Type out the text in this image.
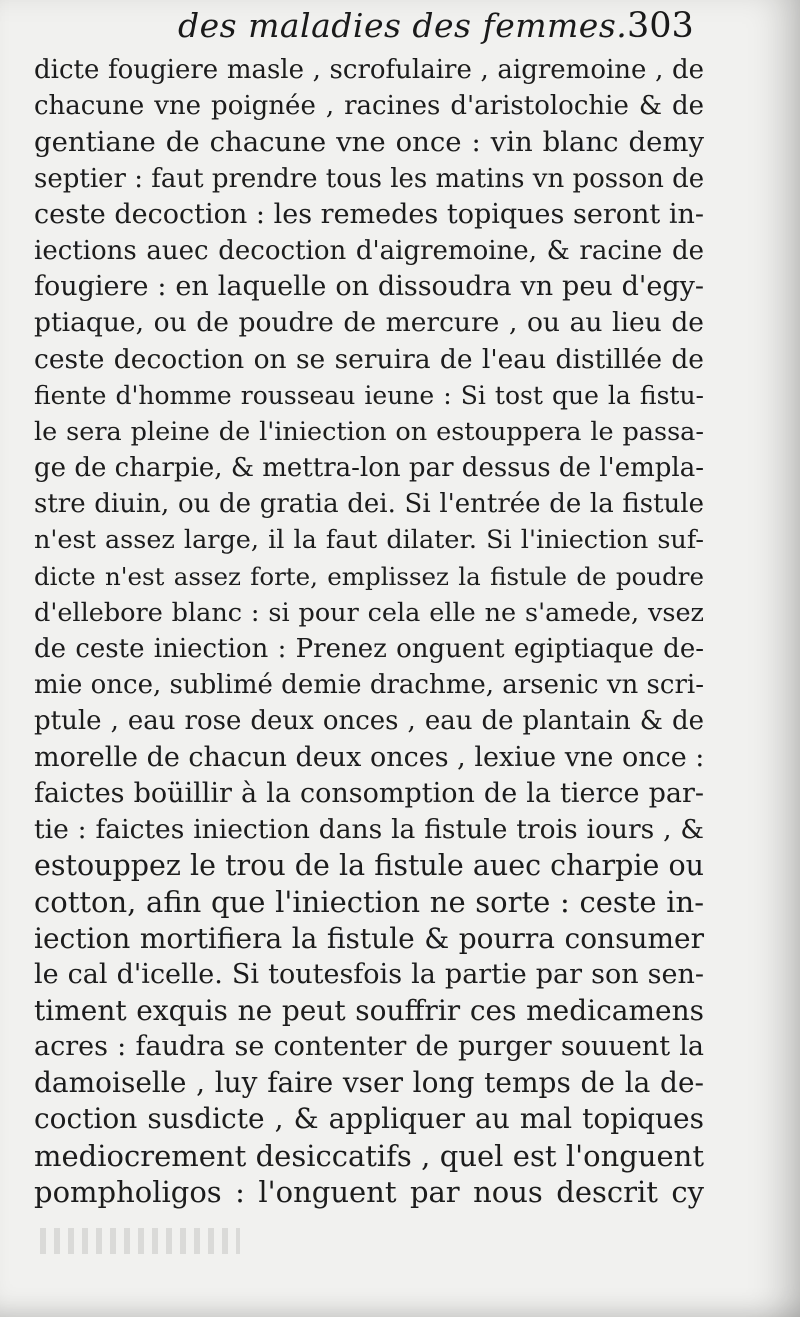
des maladies des femmes. 303
dicte fougiere masle , scrofulaire , aigremoine , de
chacune vne poignée , racines d'aristolochie & de
gentiane de chacune vne once : vin blanc demy
septier : faut prendre tous les matins vn posson de
ceste decoction : les remedes topiques seront in-
iections auec decoction d'aigremoine, & racine de
fougiere : en laquelle on dissoudra vn peu d'egy-
ptiaque, ou de poudre de mercure , ou au lieu de
ceste decoction on se seruira de l'eau distillée de
fiente d'homme rousseau ieune : Si tost que la fistu-
le sera pleine de l'iniection on estouppera le passa-
ge de charpie, & mettra-lon par dessus de l'empla-
stre diuin, ou de gratia dei. Si l'entrée de la fistule
n'est assez large, il la faut dilater. Si l'iniection suf-
dicte n'est assez forte, emplissez la fistule de poudre
d'ellebore blanc : si pour cela elle ne s'amede, vsez
de ceste iniection : Prenez onguent egiptiaque de-
mie once, sublimé demie drachme, arsenic vn scri-
ptule , eau rose deux onces , eau de plantain & de
morelle de chacun deux onces , lexiue vne once :
faictes boüillir à la consomption de la tierce par-
tie : faictes iniection dans la fistule trois iours , &
estouppez le trou de la fistule auec charpie ou
cotton, afin que l'iniection ne sorte : ceste in-
iection mortifiera la fistule & pourra consumer
le cal d'icelle. Si toutesfois la partie par son sen-
timent exquis ne peut souffrir ces medicamens
acres : faudra se contenter de purger souuent la
damoiselle , luy faire vser long temps de la de-
coction susdicte , & appliquer au mal topiques
mediocrement desiccatifs , quel est l'onguent
pompholigos : l'onguent par nous descrit cy
